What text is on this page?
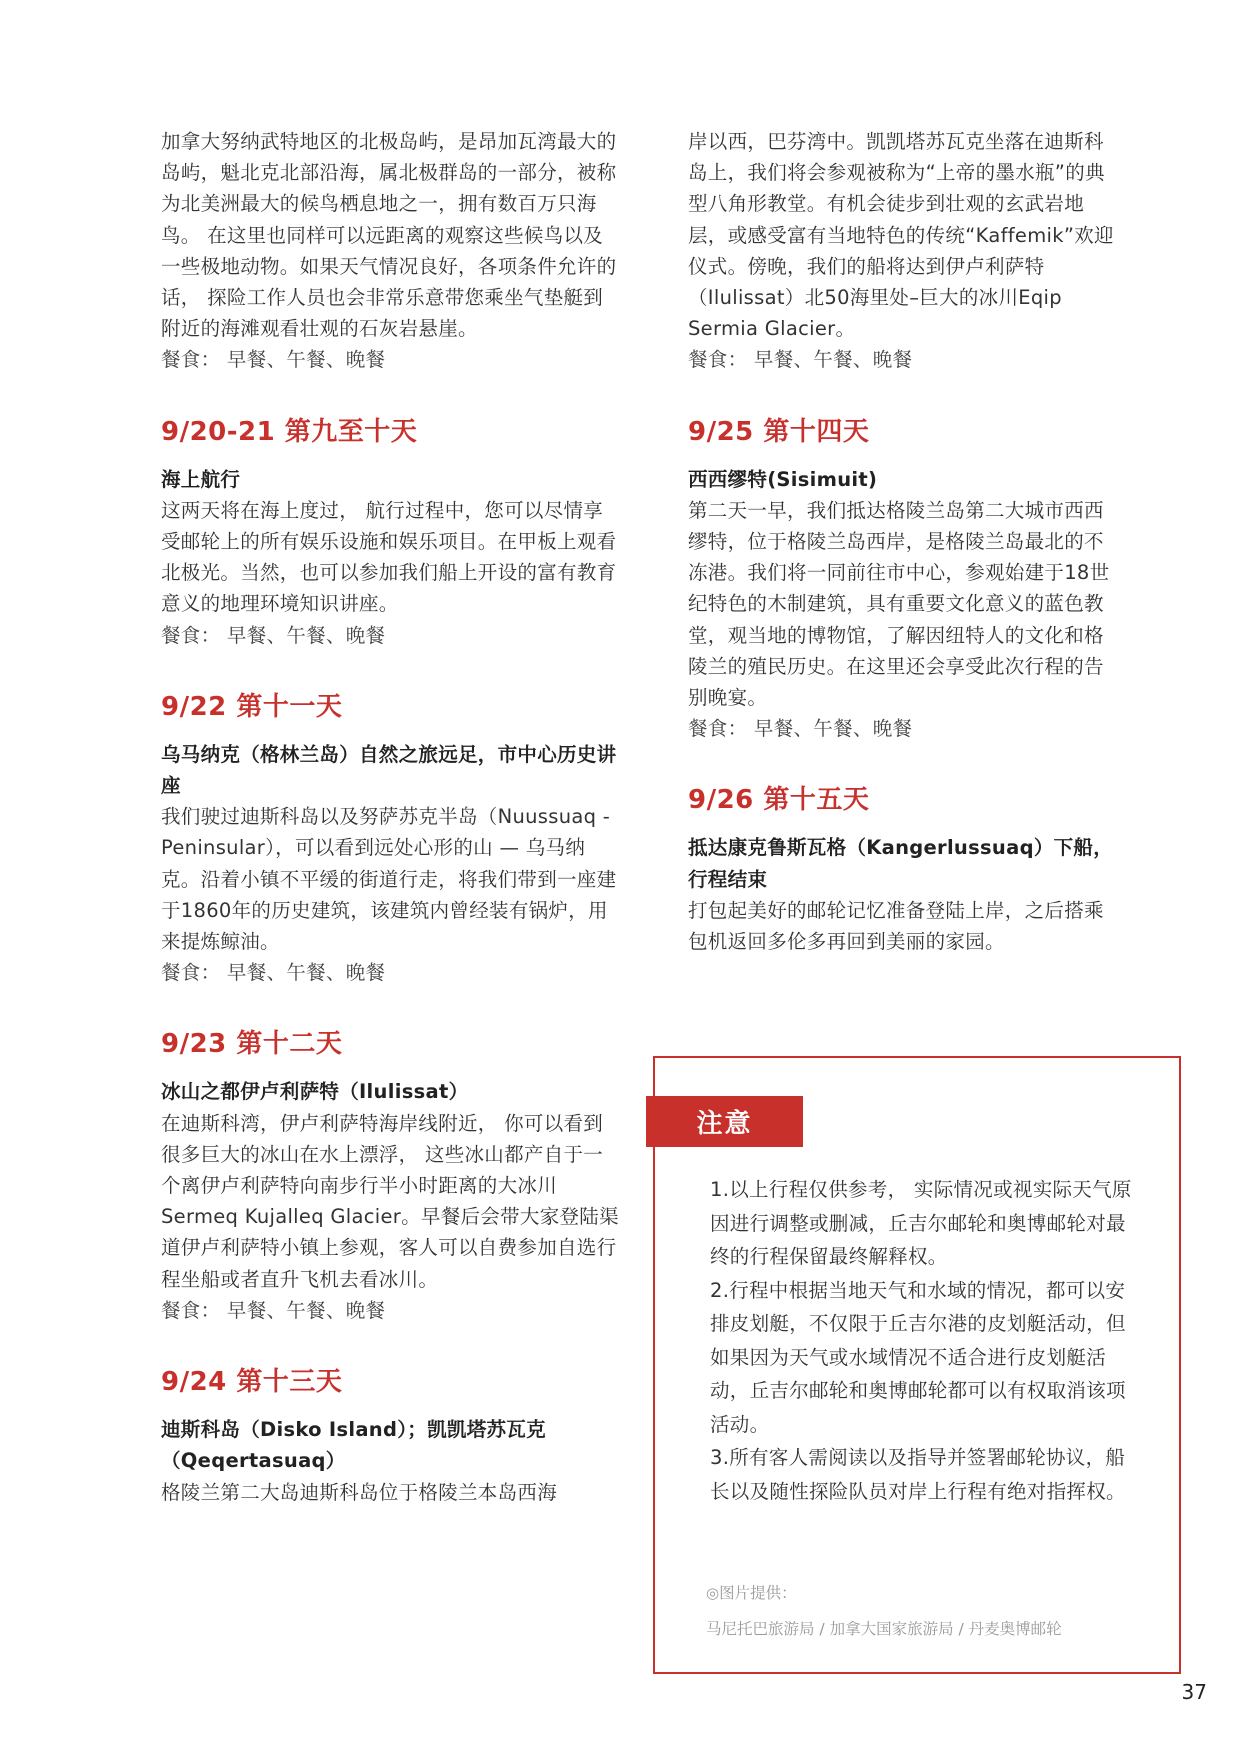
加拿大努纳武特地区的北极岛屿，是昂加瓦湾最大的岛屿，魁北克北部沿海，属北极群岛的一部分，被称为北美洲最大的候鸟栖息地之一，拥有数百万只海鸟。 在这里也同样可以远距离的观察这些候鸟以及一些极地动物。如果天气情况良好，各项条件允许的话， 探险工作人员也会非常乐意带您乘坐气垫艇到附近的海滩观看壮观的石灰岩悬崖。

餐食： 早餐、午餐、晚餐

9/20-21 第九至十天
海上航行

这两天将在海上度过， 航行过程中，您可以尽情享受邮轮上的所有娱乐设施和娱乐项目。在甲板上观看北极光。当然，也可以参加我们船上开设的富有教育意义的地理环境知识讲座。

餐食： 早餐、午餐、晚餐

9/22 第十一天
乌马纳克（格林兰岛）自然之旅远足，市中心历史讲座

我们驶过迪斯科岛以及努萨苏克半岛（Nuussuaq -Peninsular），可以看到远处心形的山 — 乌马纳克。沿着小镇不平缓的街道行走，将我们带到一座建于1860年的历史建筑，该建筑内曾经装有锅炉，用来提炼鲸油。

餐食： 早餐、午餐、晚餐

9/23 第十二天
冰山之都伊卢利萨特（Ilulissat）

在迪斯科湾，伊卢利萨特海岸线附近， 你可以看到很多巨大的冰山在水上漂浮， 这些冰山都产自于一个离伊卢利萨特向南步行半小时距离的大冰川Sermeq Kujalleq Glacier。早餐后会带大家登陆渠道伊卢利萨特小镇上参观，客人可以自费参加自选行程坐船或者直升飞机去看冰川。

餐食： 早餐、午餐、晚餐

9/24 第十三天
迪斯科岛（Disko Island）；凯凯塔苏瓦克（Qeqertasuaq）

格陵兰第二大岛迪斯科岛位于格陵兰本岛西海

岸以西，巴芬湾中。凯凯塔苏瓦克坐落在迪斯科岛上，我们将会参观被称为“上帝的墨水瓶”的典型八角形教堂。有机会徒步到壮观的玄武岩地层，或感受富有当地特色的传统“Kaffemik”欢迎仪式。傍晚，我们的船将达到伊卢利萨特（Ilulissat）北50海里处–巨大的冰川Eqip Sermia Glacier。

餐食： 早餐、午餐、晚餐

9/25 第十四天
西西缪特(Sisimuit)

第二天一早，我们抵达格陵兰岛第二大城市西西缪特，位于格陵兰岛西岸，是格陵兰岛最北的不冻港。我们将一同前往市中心，参观始建于18世纪特色的木制建筑，具有重要文化意义的蓝色教堂，观当地的博物馆，了解因纽特人的文化和格陵兰的殖民历史。在这里还会享受此次行程的告别晚宴。

餐食： 早餐、午餐、晚餐

9/26 第十五天
抵达康克鲁斯瓦格（Kangerlussuaq）下船，行程结束

打包起美好的邮轮记忆准备登陆上岸，之后搭乘包机返回多伦多再回到美丽的家园。

注意

1.以上行程仅供参考， 实际情况或视实际天气原因进行调整或删减，丘吉尔邮轮和奥博邮轮对最终的行程保留最终解释权。

2.行程中根据当地天气和水域的情况，都可以安排皮划艇，不仅限于丘吉尔港的皮划艇活动，但如果因为天气或水域情况不适合进行皮划艇活动，丘吉尔邮轮和奥博邮轮都可以有权取消该项活动。

3.所有客人需阅读以及指导并签署邮轮协议，船长以及随性探险队员对岸上行程有绝对指挥权。

◎图片提供：
马尼托巴旅游局 / 加拿大国家旅游局 / 丹麦奥博邮轮
37
